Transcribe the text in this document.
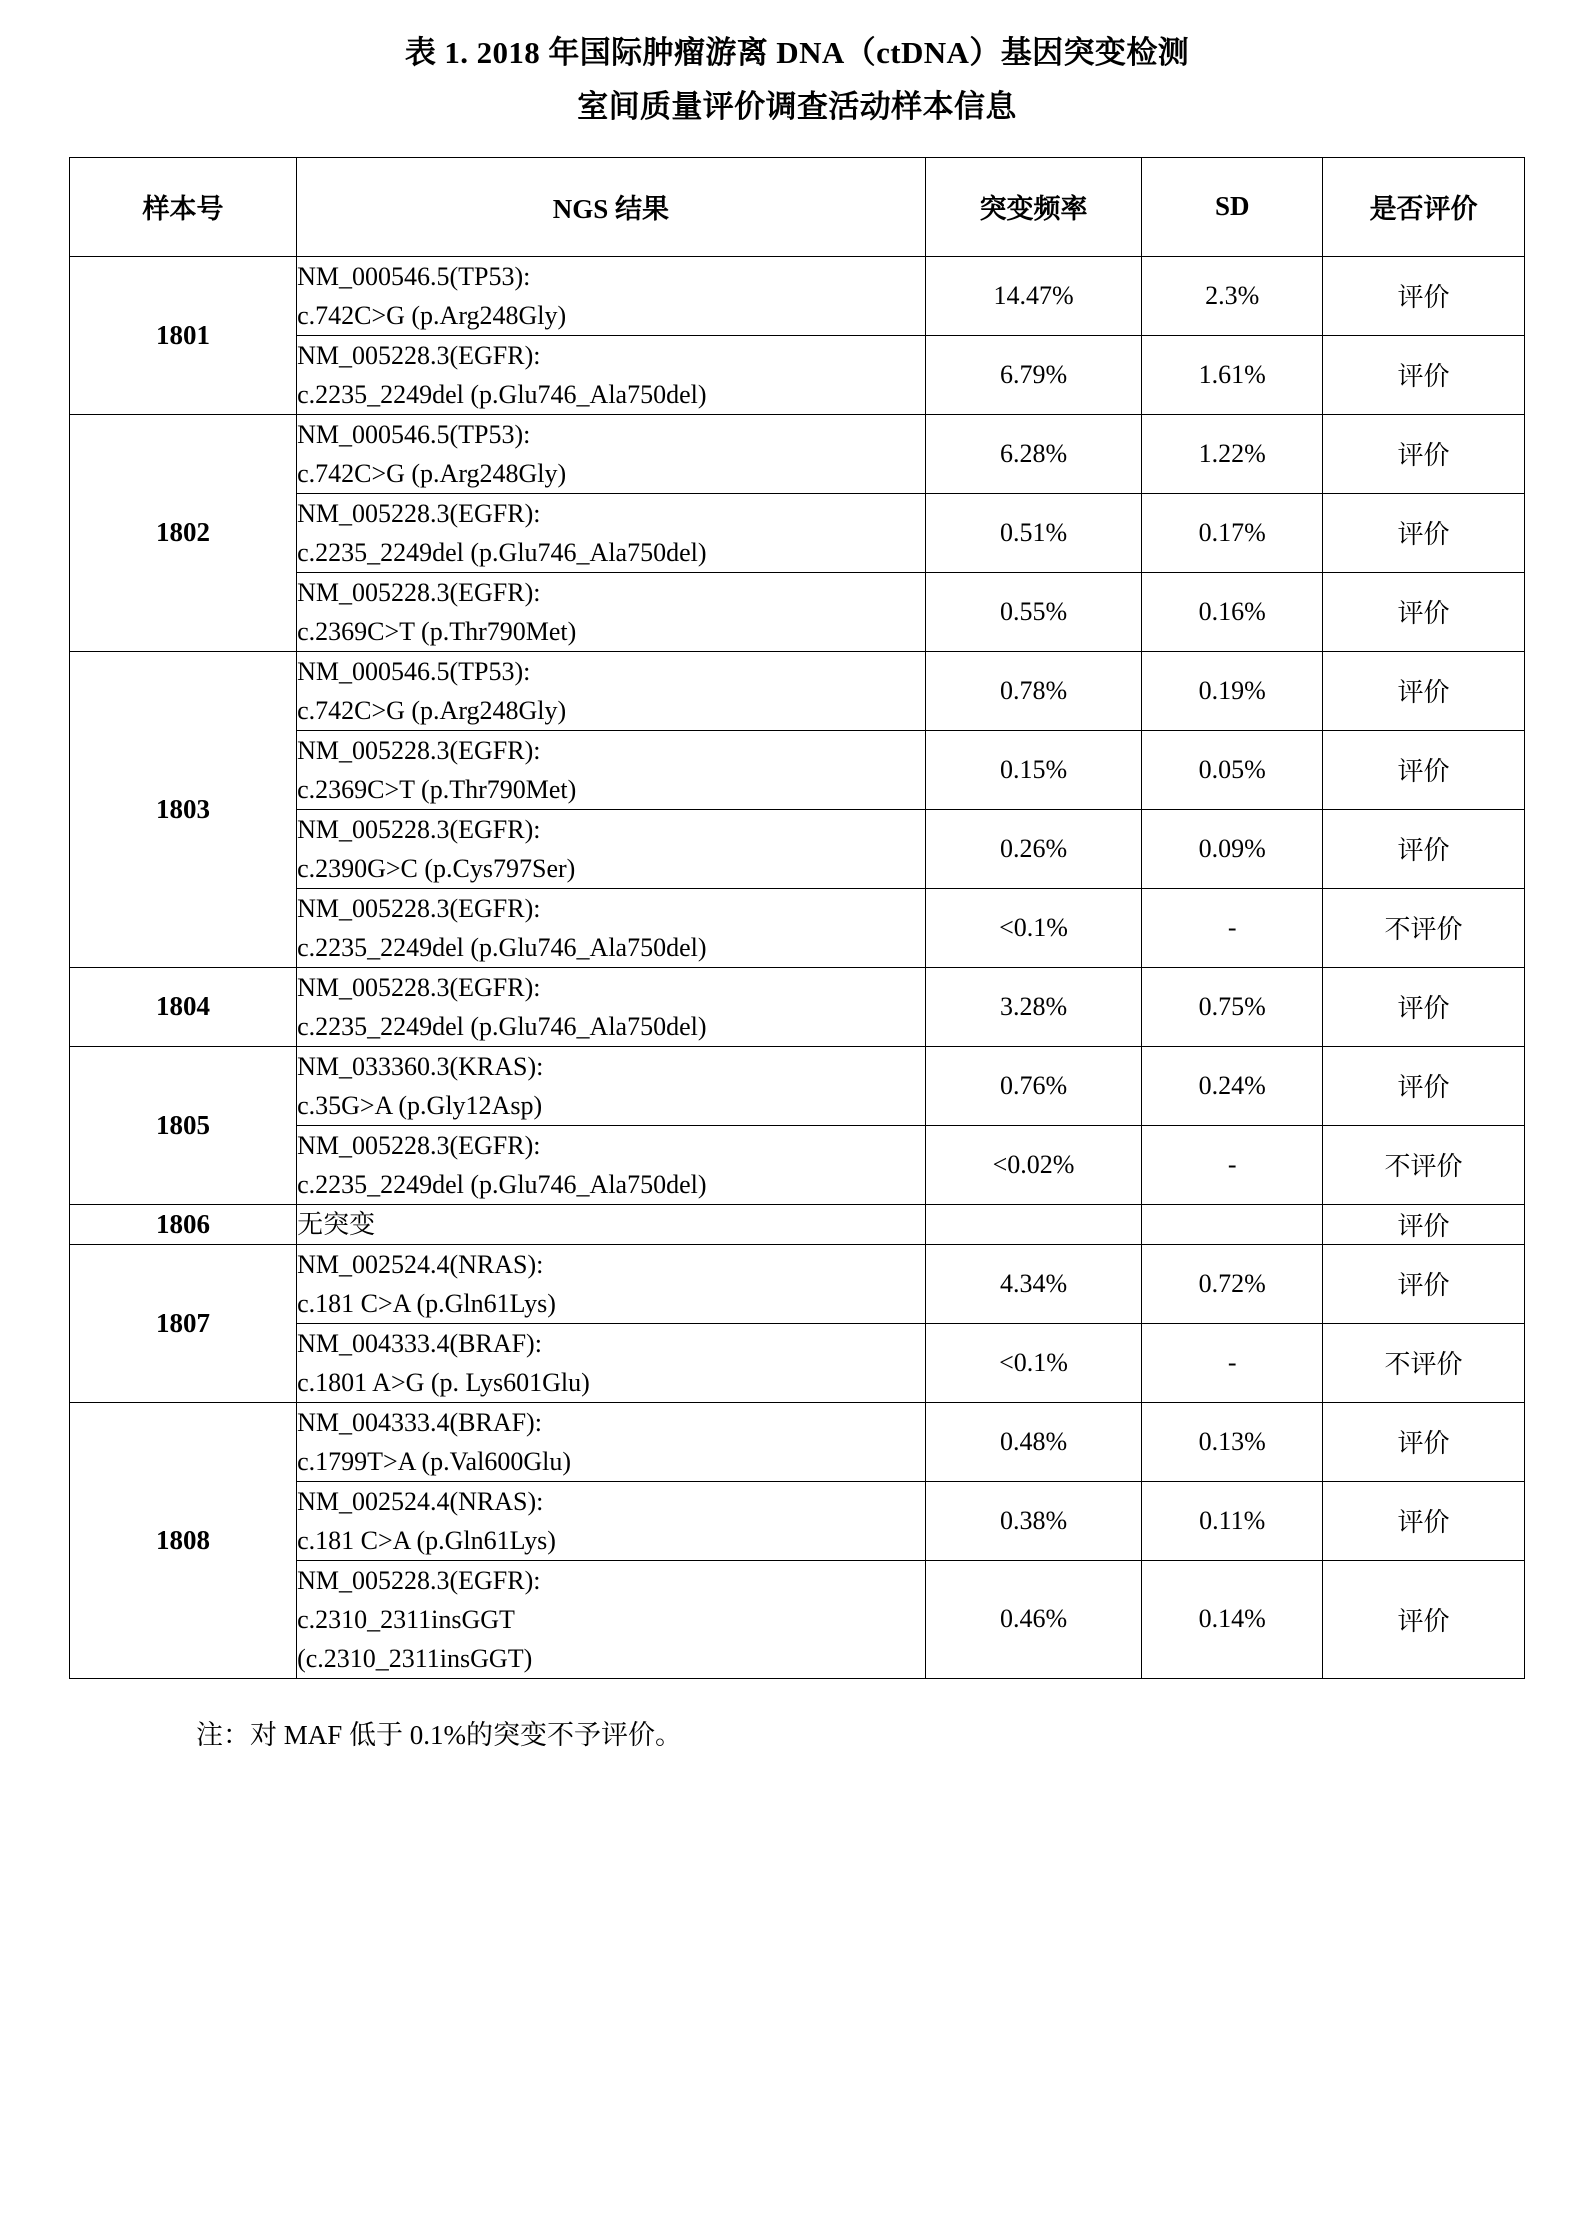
表 1. 2018 年国际肿瘤游离 DNA（ctDNA）基因突变检测
室间质量评价调查活动样本信息
样本号	NGS 结果	突变频率	SD	是否评价
1801	NM_000546.5(TP53):
c.742C>G (p.Arg248Gly)	14.47%	2.3%	评价

	NM_005228.3(EGFR):
c.2235_2249del (p.Glu746_Ala750del)	6.79%	1.61%	评价
1802	NM_000546.5(TP53):
c.742C>G (p.Arg248Gly)	6.28%	1.22%	评价

	NM_005228.3(EGFR):
c.2235_2249del (p.Glu746_Ala750del)	0.51%	0.17%	评价

	NM_005228.3(EGFR):
c.2369C>T (p.Thr790Met)	0.55%	0.16%	评价
1803	NM_000546.5(TP53):
c.742C>G (p.Arg248Gly)	0.78%	0.19%	评价

	NM_005228.3(EGFR):
c.2369C>T (p.Thr790Met)	0.15%	0.05%	评价

	NM_005228.3(EGFR):
c.2390G>C (p.Cys797Ser)	0.26%	0.09%	评价

	NM_005228.3(EGFR):
c.2235_2249del (p.Glu746_Ala750del)	<0.1%	-	不评价
1804	NM_005228.3(EGFR):
c.2235_2249del (p.Glu746_Ala750del)	3.28%	0.75%	评价
1805	NM_033360.3(KRAS):
c.35G>A (p.Gly12Asp)	0.76%	0.24%	评价

	NM_005228.3(EGFR):
c.2235_2249del (p.Glu746_Ala750del)	<0.02%	-	不评价
1806	无突变			评价
1807	NM_002524.4(NRAS):
c.181 C>A (p.Gln61Lys)	4.34%	0.72%	评价

	NM_004333.4(BRAF):
c.1801 A>G (p. Lys601Glu)	<0.1%	-	不评价
1808	NM_004333.4(BRAF):
c.1799T>A (p.Val600Glu)	0.48%	0.13%	评价

	NM_002524.4(NRAS):
c.181 C>A (p.Gln61Lys)	0.38%	0.11%	评价

	NM_005228.3(EGFR):
c.2310_2311insGGT
(c.2310_2311insGGT)	0.46%	0.14%	评价
注：对 MAF 低于 0.1%的突变不予评价。
